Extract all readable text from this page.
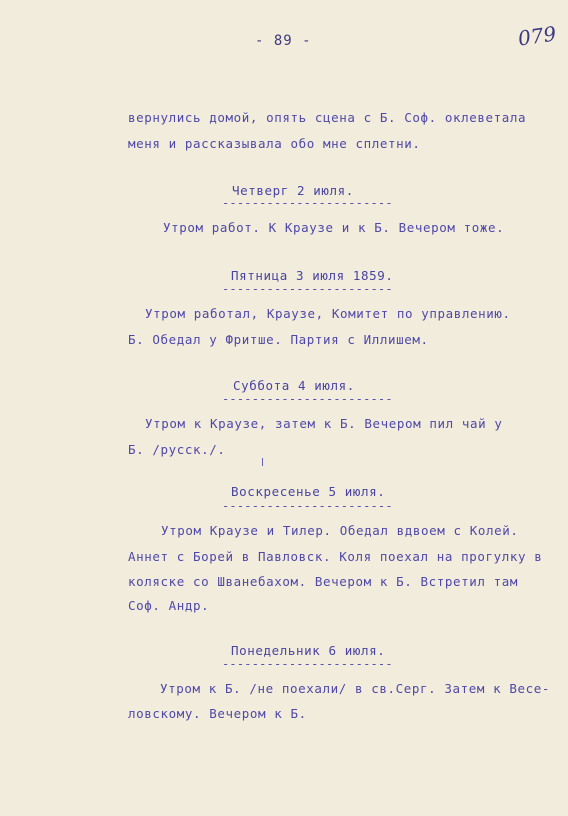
- 89 -	079
вернулись домой, опять сцена с Б. Соф. оклеветала
меня и рассказывала обо мне сплетни.
Четверг 2 июля.
-----------------------
Утром работ. К Краузе и к Б. Вечером тоже.
Пятница 3 июля 1859.
-----------------------
Утром работал, Краузе, Комитет по управлению.
Б. Обедал у Фритше. Партия с Иллишем.
Суббота 4 июля.
-----------------------
Утром к Краузе, затем к Б. Вечером пил чай у
Б. /русск./.
Воскресенье 5 июля.
-----------------------
Утром Краузе и Тилер. Обедал вдвоем с Колей.
Аннет с Борей в Павловск. Коля поехал на прогулку в
коляске со Шванебахом. Вечером к Б. Встретил там
Соф. Андр.
Понедельник 6 июля.
-----------------------
Утром к Б. /не поехали/ в св.Серг. Затем к Весе-
ловскому. Вечером к Б.
